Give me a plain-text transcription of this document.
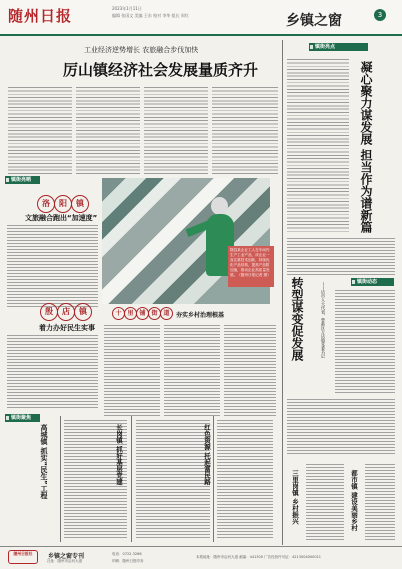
随州日报	2023年1月11日
编辑 张国文 美编 王东 校对 李华 组长 周红	乡镇之窗	3
工业经济逆势增长 农旅融合步伐加快
厉山镇经济社会发展量质齐升
镇街亮晒
洛	阳	镇
文旅融合跑出“加速度”
随县某企业工人在车间内生产工业产品，该企业一直注重技术创新，持续优化产品结构，提高产品附加值，推动企业高质量发展。（随州日报记者 摄）
殷	店	镇
着力办好民生实事
十 里 铺 街 道	夯实乡村治理根基
镇街聚焦
高城镇 抓实“民生”工程	长岗镇 抓好基层党建	红色资源 托起富民路
镇街亮点
凝心聚力谋发展 担当作为谱新篇
镇街动态
转型谋变促发展	——访市人大代表、曾都区万店镇党委书记
三里岗镇 乡村振兴	都市镇 建设美丽乡村
随州日报社	乡镇之窗专刊
社址：随州市沿河大道
电话：0722-3266
印刷：随州日报印务
本报地址：随州市沿河大道 邮编：441300 广告经营许可证：4213004000011
